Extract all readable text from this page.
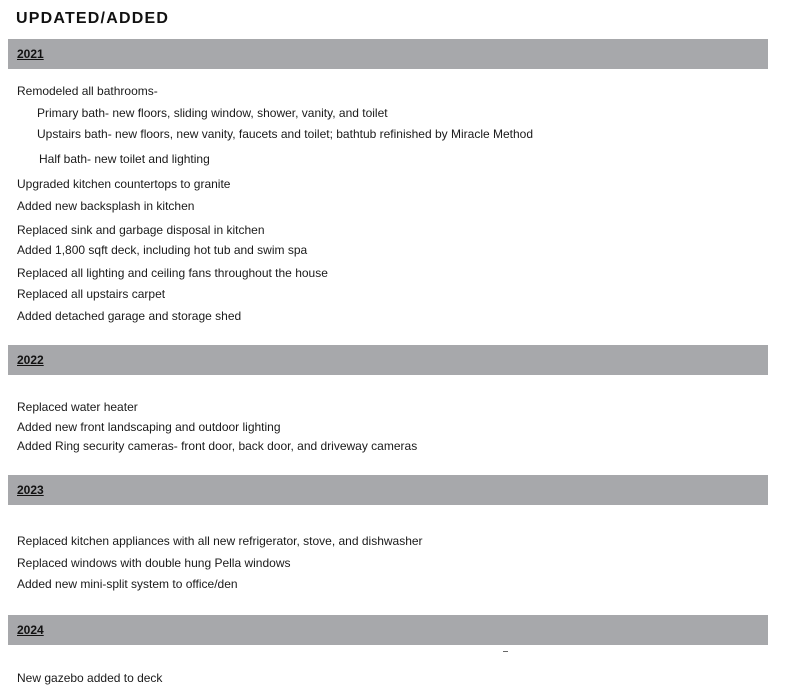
UPDATED/ADDED
2021
Remodeled all bathrooms-
Primary bath- new floors, sliding window, shower, vanity, and toilet
Upstairs bath- new floors, new vanity, faucets and toilet; bathtub refinished by Miracle Method
Half bath- new toilet and lighting
Upgraded kitchen countertops to granite
Added new backsplash in kitchen
Replaced sink and garbage disposal in kitchen
Added 1,800 sqft deck, including hot tub and swim spa
Replaced all lighting and ceiling fans throughout the house
Replaced all upstairs carpet
Added detached garage and storage shed
2022
Replaced water heater
Added new front landscaping and outdoor lighting
Added Ring security cameras- front door, back door, and driveway cameras
2023
Replaced kitchen appliances with all new refrigerator, stove, and dishwasher
Replaced windows with double hung Pella windows
Added new mini-split system to office/den
2024
New gazebo added to deck
